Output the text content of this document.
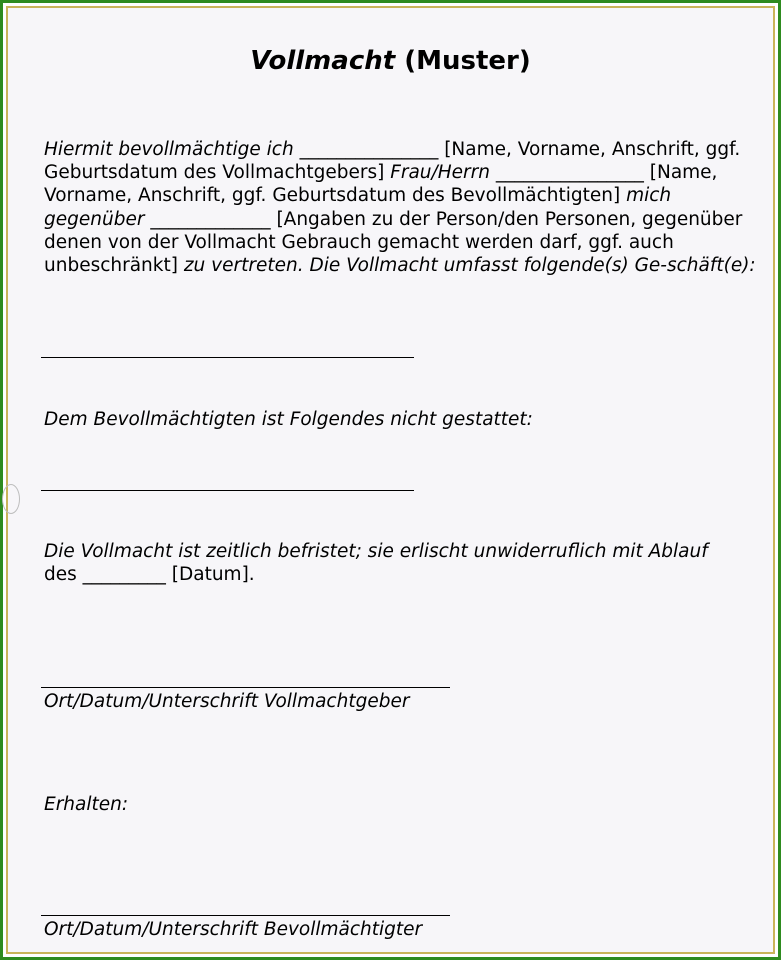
Vollmacht (Muster)
Hiermit bevollmächtige ich _______________ [Name, Vorname, Anschrift, ggf. Geburtsdatum des Vollmachtgebers] Frau/Herrn ________________ [Name, Vorname, Anschrift, ggf. Geburtsdatum des Bevollmächtigten] mich gegenüber _____________ [Angaben zu der Person/den Personen, gegenüber denen von der Vollmacht Gebrauch gemacht werden darf, ggf. auch unbeschränkt] zu vertreten. Die Vollmacht umfasst folgende(s) Ge-schäft(e):
Dem Bevollmächtigten ist Folgendes nicht gestattet:
Die Vollmacht ist zeitlich befristet; sie erlischt unwiderruflich mit Ablauf
des _________ [Datum].
Ort/Datum/Unterschrift Vollmachtgeber
Erhalten:
Ort/Datum/Unterschrift Bevollmächtigter
